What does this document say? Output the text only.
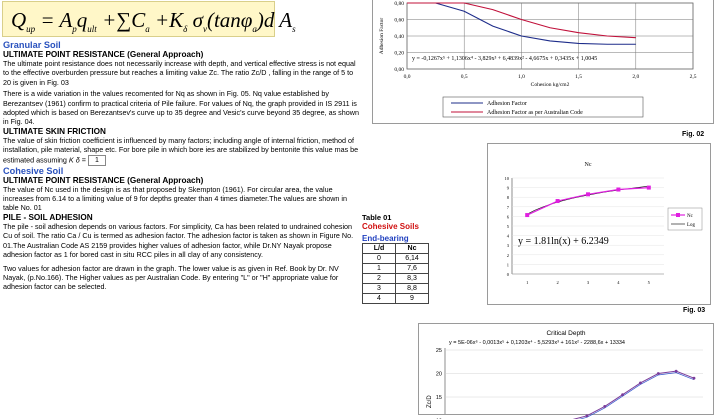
$Q_{up} = A_pq_{ult} +\sum C_a +K_\delta$ $\sigma_v(\tan\varphi_a)d$ $A_s$
Granular Soil
ULTIMATE POINT RESISTANCE (General Approach)
The ultimate point resistance does not necessarily increase with depth, and vertical effective stress is not equal to the effective overburden pressure but reaches a limiting value Zc. The ratio Zc/D , falling in the range of 5 to 20 is given in Fig. 03
There is a wide variation in the values recomented for Nq as shown in Fig. 05. Nq value established by Berezantsev (1961) confirm to practical criteria of Pile failure. For values of Nq, the graph provided in IS 2911 is adopted which is based on Berezantsev's curve up to 35 degree and Vesic's curve beyond 35 degree, as shown in Fig. 04.
ULTIMATE SKIN FRICTION
The value of skin friction coefficient is influenced by many factors; including angle of internal friction, method of installation, pile material, shape etc. For bore pile in which bore ies are stabilized by bentonite this value mas be estimated assuming K δ = 1
Cohesive Soil
ULTIMATE POINT RESISTANCE (General Approach)
The value of Nc used in the design is as that proposed by Skempton (1961). For circular area, the value increases from 6.14 to a limiting value of 9 for depths greater than 4 times diameter.The values are shown in table No. 01
PILE - SOIL ADHESION
The pile - soil adhesion depends on various factors. For simplicity, Ca has been related to undrained cohesion Cu of soil. The ratio Ca / Cu is termed as adhesion factor. The adhesion factor is taken as shown in Figure No. 01.The Australian Code AS 2159 provides higher values of adhesion factor, while Dr.NY Nayak propose adhesion factor as 1 for bored cast in situ RCC piles in all clay of any consistency.
Two values for adhesion factor are drawn in the graph. The lower value is as given in Ref. Book by Dr. NV Nayak, (p.No.166). The Higher values as per Australian Code. By entering "L" or "H" appropriate value for adhesion factor can be selected.
0,0	0,5	1,0	1,5	2,0	2,5
0,80
0,60
0,40
0,20
0,00
y = -0,1267x⁵ + 1,1306x⁴ - 3,829x³ + 6,4839x² - 4,6675x + 0,3435x + 1,0045
Cohesion kg/cm2
Adhesion Factor
Adhesion Factor
Adhesion Factor as per Australian Code
Fig. 02
Nc
10
9
8
7
6
5
4
3
2
1
0
1	2	3	4	5
y = 1.81ln(x) + 6.2349
Nc
Log
Fig. 03
Table 01
Cohesive Soils
End-bearing
L/d	Nc
0	6,14
1	7,6
2	8,3
3	8,8
4	9
Critical Depth
y = 5E-06x⁶ - 0,0013x⁵ + 0,1203x⁴ - 5,5293x³ + 161x² - 2288,6x + 13334
25
20
15
Zc/D
